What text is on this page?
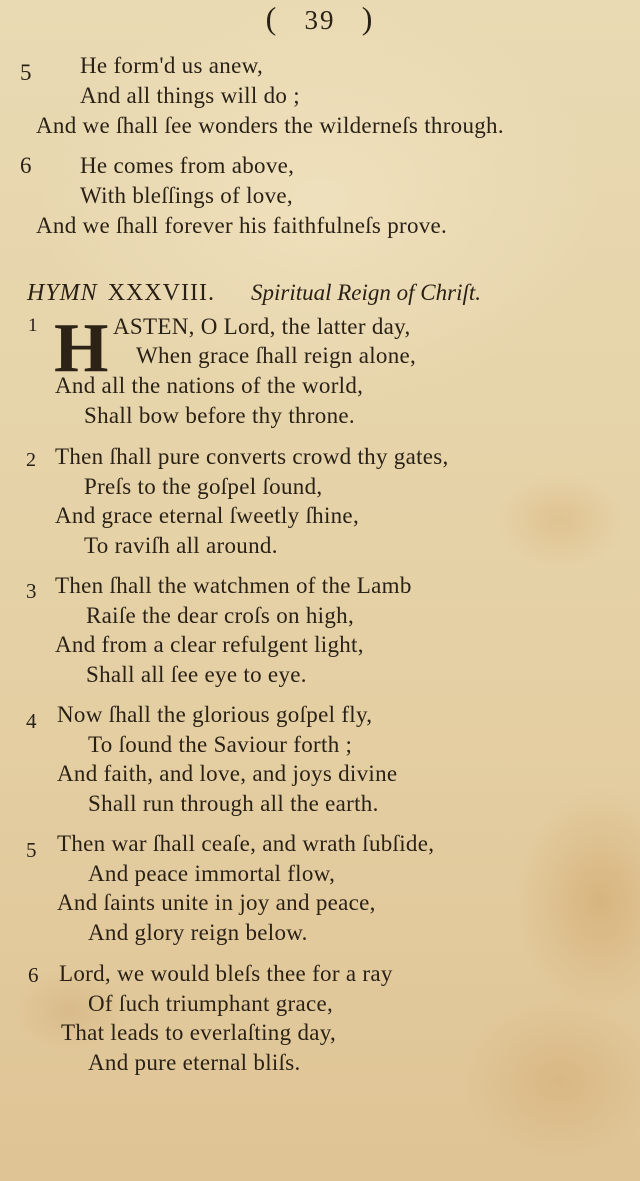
( 39 )
5 He form'd us anew,
And all things will do ;
And we ſhall ſee wonders the wilderneſs through.
6 He comes from above,
With bleſſings of love,
And we ſhall forever his faithfulneſs prove.
HYMN XXXVIII. Spiritual Reign of Chriſt.
1 H ASTEN, O Lord, the latter day,
When grace ſhall reign alone,
And all the nations of the world,
Shall bow before thy throne.
2 Then ſhall pure converts crowd thy gates,
Preſs to the goſpel ſound,
And grace eternal ſweetly ſhine,
To raviſh all around.
3 Then ſhall the watchmen of the Lamb
Raiſe the dear croſs on high,
And from a clear refulgent light,
Shall all ſee eye to eye.
4 Now ſhall the glorious goſpel fly,
To ſound the Saviour forth ;
And faith, and love, and joys divine
Shall run through all the earth.
5 Then war ſhall ceaſe, and wrath ſubſide,
And peace immortal flow,
And ſaints unite in joy and peace,
And glory reign below.
6 Lord, we would bleſs thee for a ray
Of ſuch triumphant grace,
That leads to everlaſting day,
And pure eternal bliſs.
